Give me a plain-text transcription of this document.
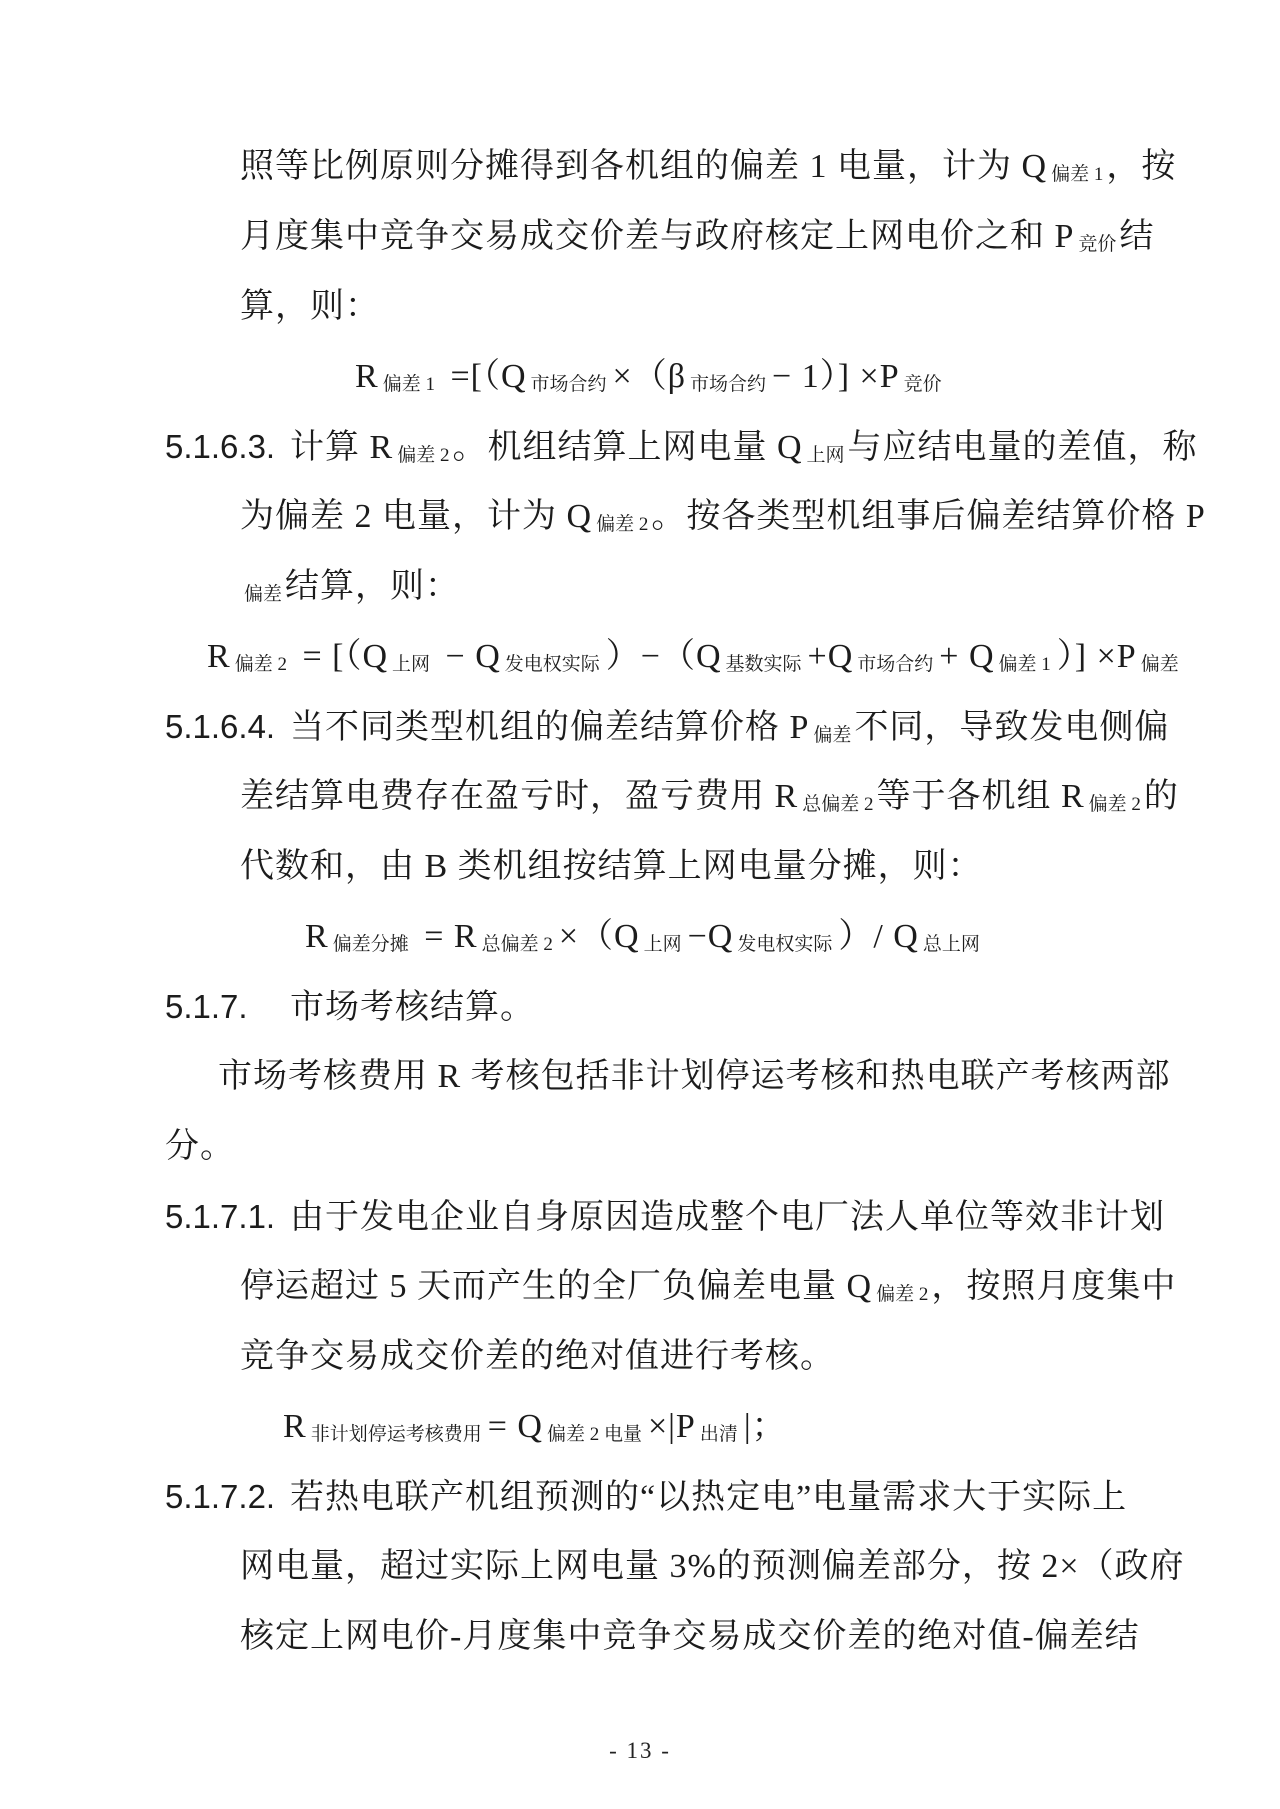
照等比例原则分摊得到各机组的偏差 1 电量，计为 Q 偏差 1，按
月度集中竞争交易成交价差与政府核定上网电价之和 P 竞价结
算，则：
R偏差 1 =[（Q 市场合约 ×（β 市场合约 − 1）] ×P 竞价
5.1.6.3. 计算 R 偏差 2。机组结算上网电量 Q 上网与应结电量的差值，称
为偏差 2 电量，计为 Q 偏差 2。按各类型机组事后偏差结算价格 P
偏差结算，则：
R偏差 2 = [（Q 上网 − Q 发电权实际 ）−（Q 基数实际 +Q 市场合约 + Q 偏差 1 ）] ×P 偏差
5.1.6.4. 当不同类型机组的偏差结算价格 P 偏差不同，导致发电侧偏
差结算电费存在盈亏时，盈亏费用 R 总偏差 2等于各机组 R 偏差 2的
代数和，由 B 类机组按结算上网电量分摊，则：
R偏差分摊 = R 总偏差 2 ×（Q 上网 −Q 发电权实际 ）/ Q 总上网
5.1.7. 市场考核结算。
市场考核费用 R 考核包括非计划停运考核和热电联产考核两部
分。
5.1.7.1. 由于发电企业自身原因造成整个电厂法人单位等效非计划
停运超过 5 天而产生的全厂负偏差电量 Q 偏差 2，按照月度集中
竞争交易成交价差的绝对值进行考核。
R非计划停运考核费用 = Q 偏差 2 电量 ×|P 出清 |；
5.1.7.2. 若热电联产机组预测的“以热定电”电量需求大于实际上
网电量，超过实际上网电量 3%的预测偏差部分，按 2×（政府
核定上网电价-月度集中竞争交易成交价差的绝对值-偏差结
- 13 -
